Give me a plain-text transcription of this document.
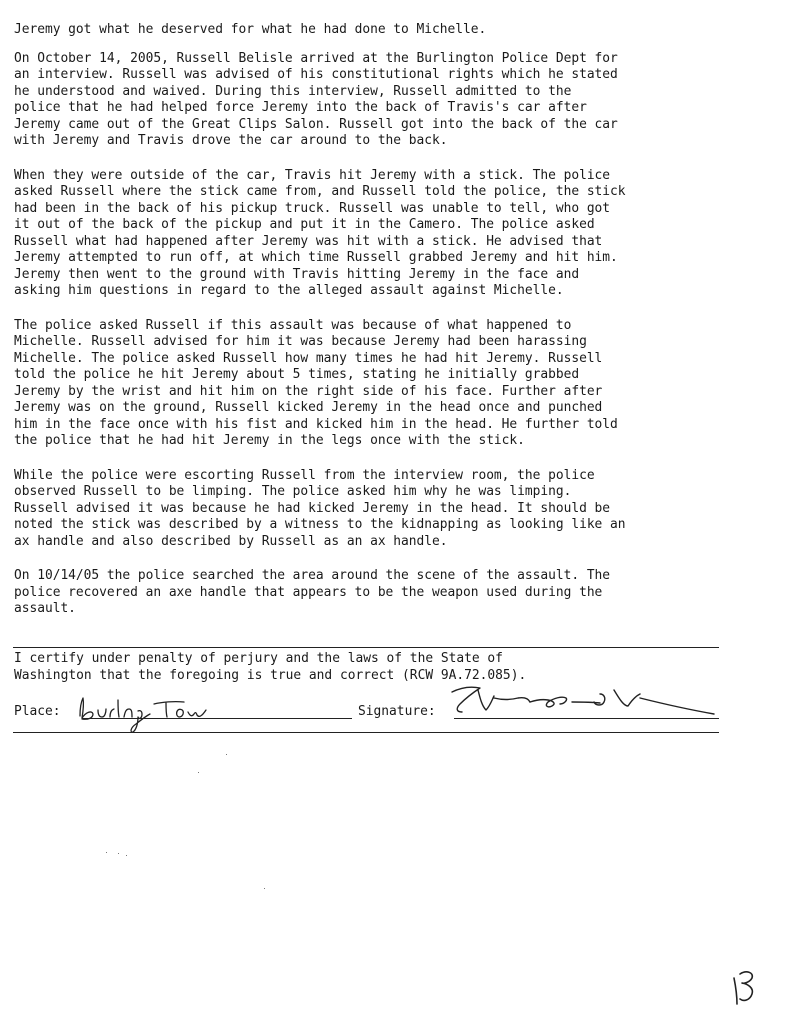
Jeremy got what he deserved for what he had done to Michelle.

On October 14, 2005, Russell Belisle arrived at the Burlington Police Dept for
an interview. Russell was advised of his constitutional rights which he stated
he understood and waived. During this interview, Russell admitted to the
police that he had helped force Jeremy into the back of Travis's car after
Jeremy came out of the Great Clips Salon. Russell got into the back of the car
with Jeremy and Travis drove the car around to the back.

When they were outside of the car, Travis hit Jeremy with a stick. The police
asked Russell where the stick came from, and Russell told the police, the stick
had been in the back of his pickup truck. Russell was unable to tell, who got
it out of the back of the pickup and put it in the Camero. The police asked
Russell what had happened after Jeremy was hit with a stick. He advised that
Jeremy attempted to run off, at which time Russell grabbed Jeremy and hit him.
Jeremy then went to the ground with Travis hitting Jeremy in the face and
asking him questions in regard to the alleged assault against Michelle.

The police asked Russell if this assault was because of what happened to
Michelle. Russell advised for him it was because Jeremy had been harassing
Michelle. The police asked Russell how many times he had hit Jeremy. Russell
told the police he hit Jeremy about 5 times, stating he initially grabbed
Jeremy by the wrist and hit him on the right side of his face. Further after
Jeremy was on the ground, Russell kicked Jeremy in the head once and punched
him in the face once with his fist and kicked him in the head. He further told
the police that he had hit Jeremy in the legs once with the stick.

While the police were escorting Russell from the interview room, the police
observed Russell to be limping. The police asked him why he was limping.
Russell advised it was because he had kicked Jeremy in the head. It should be
noted the stick was described by a witness to the kidnapping as looking like an
ax handle and also described by Russell as an ax handle.

On 10/14/05 the police searched the area around the scene of the assault. The
police recovered an axe handle that appears to be the weapon used during the
assault.

I certify under penalty of perjury and the laws of the State of
Washington that the foregoing is true and correct (RCW 9A.72.085).
Place:	Signature:
